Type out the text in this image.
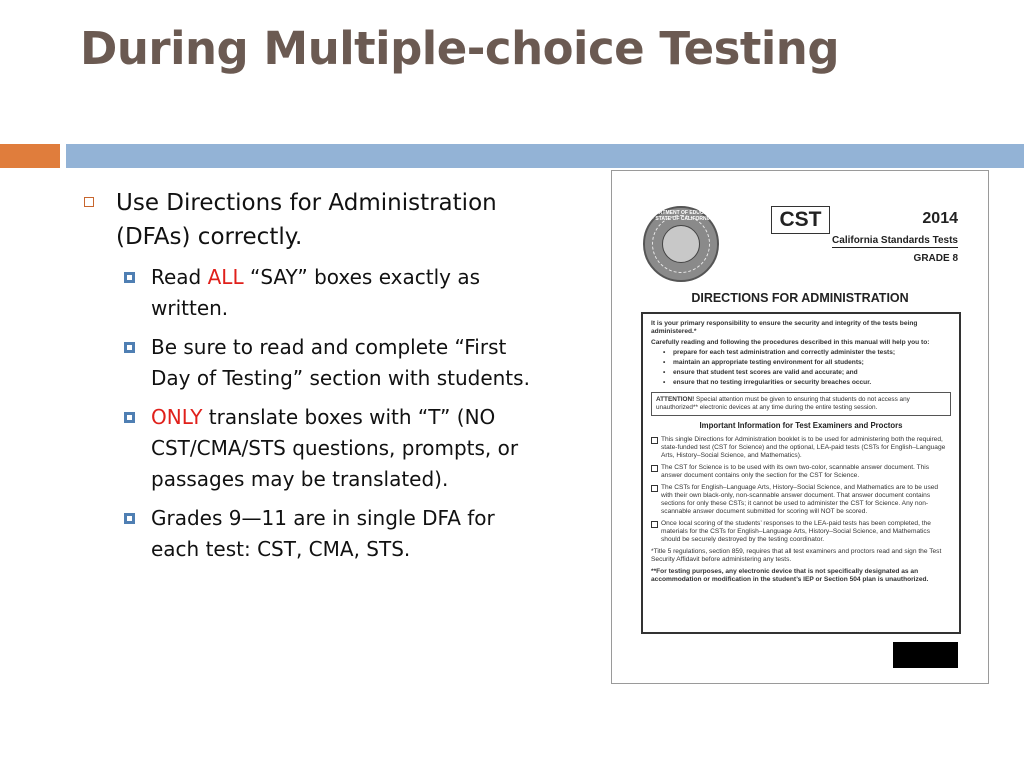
During Multiple-choice Testing
Use Directions for Administration (DFAs) correctly.
Read ALL “SAY” boxes exactly as written.
Be sure to read and complete “First Day of Testing” section with students.
ONLY translate boxes with “T” (NO CST/CMA/STS questions, prompts, or passages may be translated).
Grades 9—11 are in single DFA for each test: CST, CMA, STS.
DEPARTMENT OF EDUCATION · STATE OF CALIFORNIA	CST	2014
California Standards Tests
GRADE 8
DIRECTIONS FOR ADMINISTRATION
It is your primary responsibility to ensure the security and integrity of the tests being administered.*
Carefully reading and following the procedures described in this manual will help you to:
• prepare for each test administration and correctly administer the tests;
• maintain an appropriate testing environment for all students;
• ensure that student test scores are valid and accurate; and
• ensure that no testing irregularities or security breaches occur.
ATTENTION! Special attention must be given to ensuring that students do not access any unauthorized** electronic devices at any time during the entire testing session.
Important Information for Test Examiners and Proctors
This single Directions for Administration booklet is to be used for administering both the required, state-funded test (CST for Science) and the optional, LEA-paid tests (CSTs for English–Language Arts, History–Social Science, and Mathematics).
The CST for Science is to be used with its own two-color, scannable answer document. This answer document contains only the section for the CST for Science.
The CSTs for English–Language Arts, History–Social Science, and Mathematics are to be used with their own black-only, non-scannable answer document. That answer document contains sections for only these CSTs; it cannot be used to administer the CST for Science. Any non-scannable answer document submitted for scoring will NOT be scored.
Once local scoring of the students’ responses to the LEA-paid tests has been completed, the materials for the CSTs for English–Language Arts, History–Social Science, and Mathematics should be securely destroyed by the testing coordinator.
*Title 5 regulations, section 859, requires that all test examiners and proctors read and sign the Test Security Affidavit before administering any tests.
**For testing purposes, any electronic device that is not specifically designated as an accommodation or modification in the student’s IEP or Section 504 plan is unauthorized.
